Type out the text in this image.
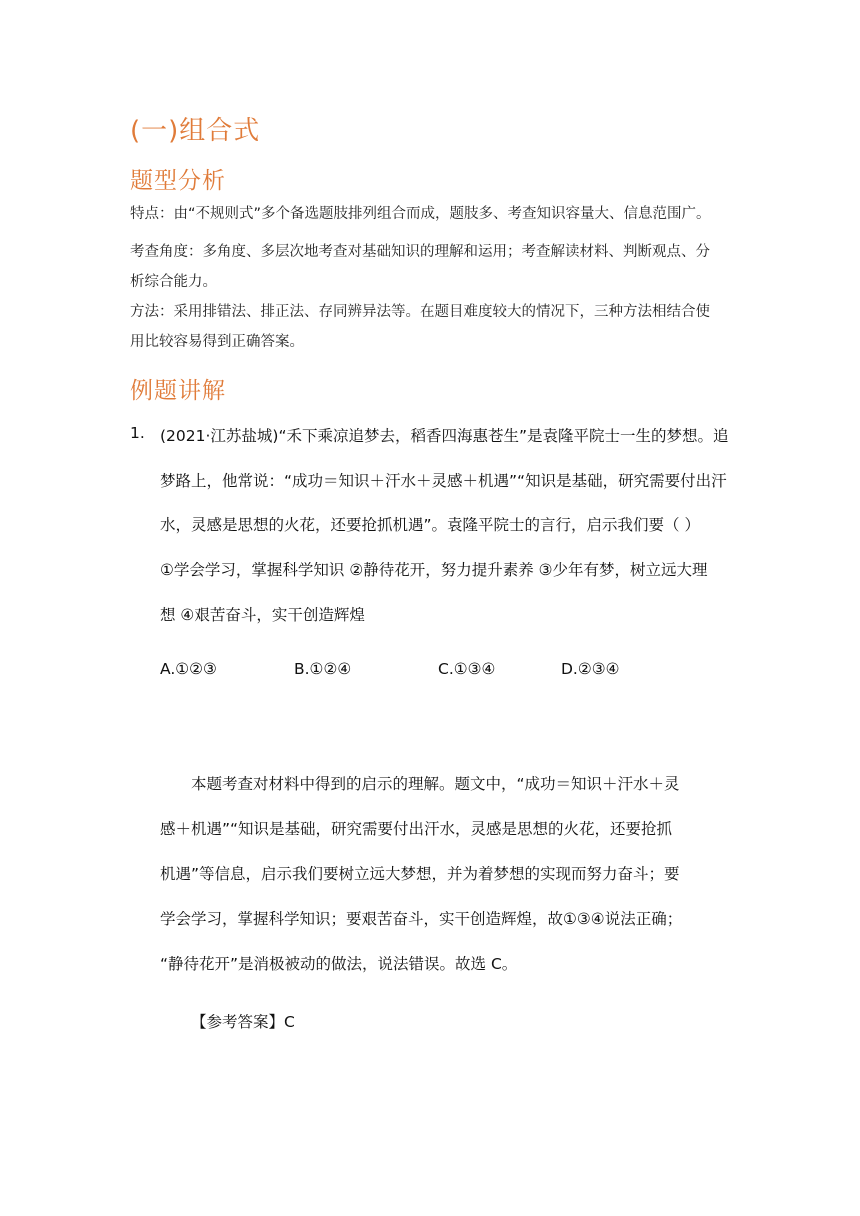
(一)组合式
题型分析
特点：由“不规则式”多个备选题肢排列组合而成，题肢多、考查知识容量大、信息范围广。
考查角度：多角度、多层次地考查对基础知识的理解和运用；考查解读材料、判断观点、分
析综合能力。
方法：采用排错法、排正法、存同辨异法等。在题目难度较大的情况下，三种方法相结合使
用比较容易得到正确答案。
例题讲解
1. (2021·江苏盐城)“禾下乘凉追梦去，稻香四海惠苍生”是袁隆平院士一生的梦想。追
梦路上，他常说：“成功＝知识＋汗水＋灵感＋机遇”“知识是基础，研究需要付出汗
水，灵感是思想的火花，还要抢抓机遇”。袁隆平院士的言行，启示我们要（ ）
①学会学习，掌握科学知识 ②静待花开，努力提升素养 ③少年有梦，树立远大理
想 ④艰苦奋斗，实干创造辉煌
A.①②③	B.①②④	C.①③④	D.②③④
本题考查对材料中得到的启示的理解。题文中，“成功＝知识＋汗水＋灵
感＋机遇”“知识是基础，研究需要付出汗水，灵感是思想的火花，还要抢抓
机遇”等信息，启示我们要树立远大梦想，并为着梦想的实现而努力奋斗；要
学会学习，掌握科学知识；要艰苦奋斗，实干创造辉煌，故①③④说法正确；
“静待花开”是消极被动的做法，说法错误。故选 C。
【参考答案】C
